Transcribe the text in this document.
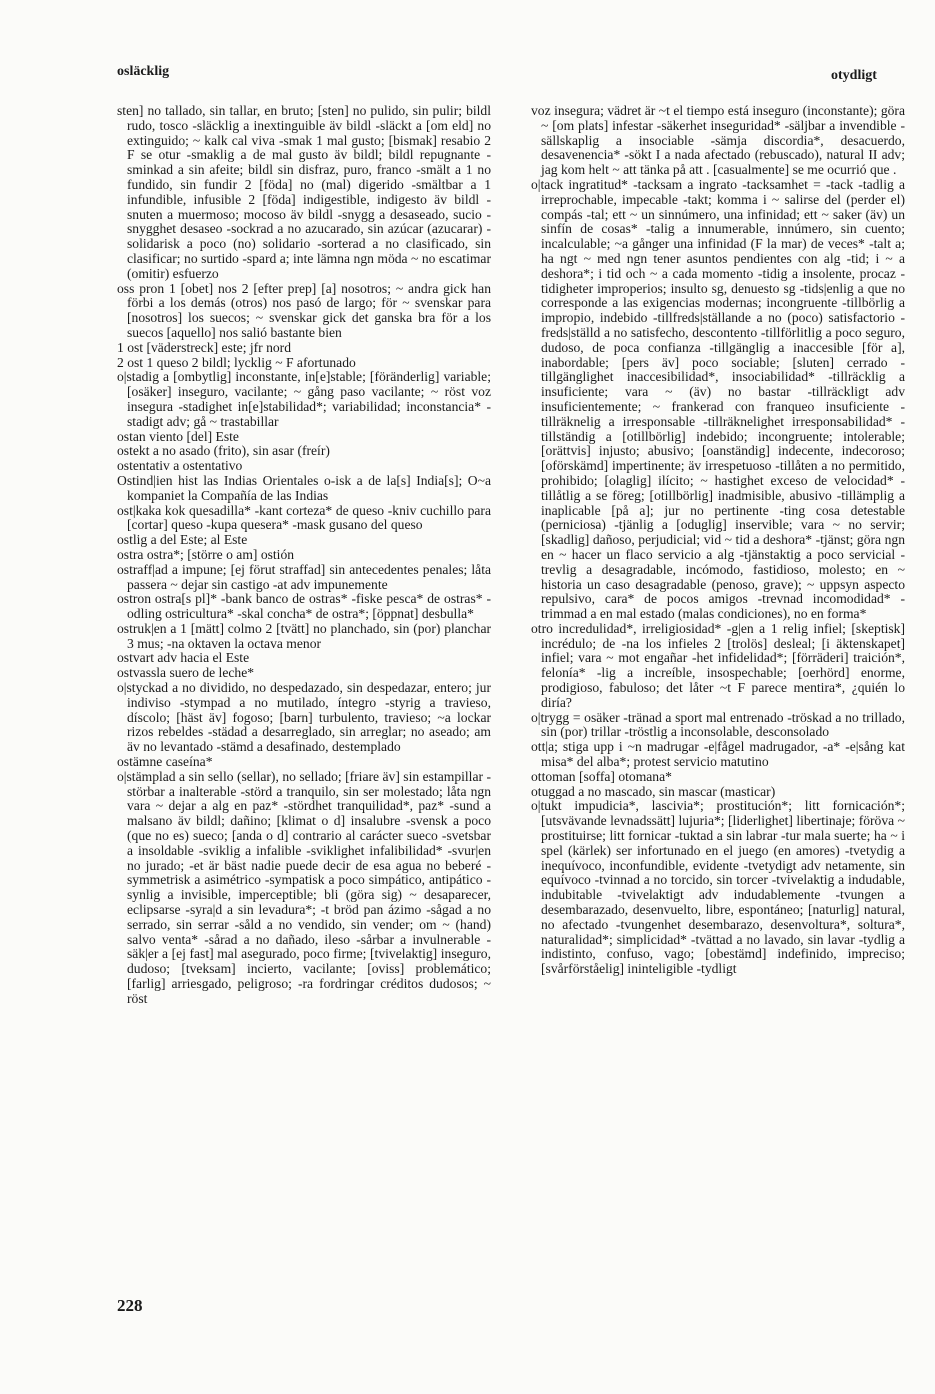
osläcklig	otydligt

sten] no tallado, sin tallar, en bruto; [sten] no pulido, sin pulir; bildl rudo, tosco -släcklig a inextinguible äv bildl -släckt a [om eld] no extinguido; ~ kalk cal viva -smak 1 mal gusto; [bismak] resabio 2 F se otur -smaklig a de mal gusto äv bildl; bildl repugnante -sminkad a sin afeite; bildl sin disfraz, puro, franco -smält a 1 no fundido, sin fundir 2 [föda] no (mal) digerido -smältbar a 1 infundible, infusible 2 [föda] indigestible, indigesto äv bildl -snuten a muermoso; mocoso äv bildl -snygg a desaseado, sucio -snygghet desaseo -sockrad a no azucarado, sin azúcar (azucarar) -solidarisk a poco (no) solidario -sorterad a no clasificado, sin clasificar; no surtido -spard a; inte lämna ngn möda ~ no escatimar (omitir) esfuerzo

oss pron 1 [obet] nos 2 [efter prep] [a] nosotros; ~ andra gick han förbi a los demás (otros) nos pasó de largo; för ~ svenskar para [nosotros] los suecos; ~ svenskar gick det ganska bra för a los suecos [aquello] nos salió bastante bien

1 ost [väderstreck] este; jfr nord

2 ost 1 queso 2 bildl; lycklig ~ F afortunado

o|stadig a [ombytlig] inconstante, in[e]stable; [föränderlig] variable; [osäker] inseguro, vacilante; ~ gång paso vacilante; ~ röst voz insegura -stadighet in[e]stabilidad*; variabilidad; inconstancia* -stadigt adv; gå ~ trastabillar

ostan viento [del] Este

ostekt a no asado (frito), sin asar (freír)

ostentativ a ostentativo

Ostind|ien hist las Indias Orientales o-isk a de la[s] India[s]; O~a kompaniet la Compañía de las Indias

ost|kaka kok quesadilla* -kant corteza* de queso -kniv cuchillo para [cortar] queso -kupa quesera* -mask gusano del queso

ostlig a del Este; al Este

ostra ostra*; [större o am] ostión

ostraff|ad a impune; [ej förut straffad] sin antecedentes penales; låta passera ~ dejar sin castigo -at adv impunemente

ostron ostra[s pl]* -bank banco de ostras* -fiske pesca* de ostras* -odling ostricultura* -skal concha* de ostra*; [öppnat] desbulla*

ostruk|en a 1 [mätt] colmo 2 [tvätt] no planchado, sin (por) planchar 3 mus; -na oktaven la octava menor

ostvart adv hacia el Este

ostvassla suero de leche*

o|styckad a no dividido, no despedazado, sin despedazar, entero; jur indiviso -stympad a no mutilado, íntegro -styrig a travieso, díscolo; [häst äv] fogoso; [barn] turbulento, travieso; ~a lockar rizos rebeldes -städad a desarreglado, sin arreglar; no aseado; am äv no levantado -stämd a desafinado, destemplado

ostämne caseína*

o|stämplad a sin sello (sellar), no sellado; [friare äv] sin estampillar -störbar a inalterable -störd a tranquilo, sin ser molestado; låta ngn vara ~ dejar a alg en paz* -stördhet tranquilidad*, paz* -sund a malsano äv bildl; dañino; [klimat o d] insalubre -svensk a poco (que no es) sueco; [anda o d] contrario al carácter sueco -svetsbar a insoldable -sviklig a infalible -sviklighet infalibilidad* -svur|en no jurado; -et är bäst nadie puede decir de esa agua no beberé -symmetrisk a asimétrico -sympatisk a poco simpático, antipático -synlig a invisible, imperceptible; bli (göra sig) ~ desaparecer, eclipsarse -syra|d a sin levadura*; -t bröd pan ázimo -sågad a no serrado, sin serrar -såld a no vendido, sin vender; om ~ (hand) salvo venta* -sårad a no dañado, ileso -sårbar a invulnerable -säk|er a [ej fast] mal asegurado, poco firme; [tvivelaktig] inseguro, dudoso; [tveksam] incierto, vacilante; [oviss] problemático; [farlig] arriesgado, peligroso; -ra fordringar créditos dudosos; ~ röst

voz insegura; vädret är ~t el tiempo está inseguro (inconstante); göra ~ [om plats] infestar -säkerhet inseguridad* -säljbar a invendible -sällskaplig a insociable -sämja discordia*, desacuerdo, desavenencia* -sökt I a nada afectado (rebuscado), natural II adv; jag kom helt ~ att tänka på att . [casualmente] se me ocurrió que .

o|tack ingratitud* -tacksam a ingrato -tacksamhet = -tack -tadlig a irreprochable, impecable -takt; komma i ~ salirse del (perder el) compás -tal; ett ~ un sinnúmero, una infinidad; ett ~ saker (äv) un sinfín de cosas* -talig a innumerable, innúmero, sin cuento; incalculable; ~a gånger una infinidad (F la mar) de veces* -talt a; ha ngt ~ med ngn tener asuntos pendientes con alg -tid; i ~ a deshora*; i tid och ~ a cada momento -tidig a insolente, procaz -tidigheter improperios; insulto sg, denuesto sg -tids|enlig a que no corresponde a las exigencias modernas; incongruente -tillbörlig a impropio, indebido -tillfreds|ställande a no (poco) satisfactorio -freds|ställd a no satisfecho, descontento -tillförlitlig a poco seguro, dudoso, de poca confianza -tillgänglig a inaccesible [för a], inabordable; [pers äv] poco sociable; [sluten] cerrado -tillgänglighet inaccesibilidad*, insociabilidad* -tillräcklig a insuficiente; vara ~ (äv) no bastar -tillräckligt adv insuficientemente; ~ frankerad con franqueo insuficiente -tillräknelig a irresponsable -tillräknelighet irresponsabilidad* -tillständig a [otillbörlig] indebido; incongruente; intolerable; [orättvis] injusto; abusivo; [oanständig] indecente, indecoroso; [oförskämd] impertinente; äv irrespetuoso -tillåten a no permitido, prohibido; [olaglig] ilícito; ~ hastighet exceso de velocidad* -tillåtlig a se föreg; [otillbörlig] inadmisible, abusivo -tillämplig a inaplicable [på a]; jur no pertinente -ting cosa detestable (perniciosa) -tjänlig a [oduglig] inservible; vara ~ no servir; [skadlig] dañoso, perjudicial; vid ~ tid a deshora* -tjänst; göra ngn en ~ hacer un flaco servicio a alg -tjänstaktig a poco servicial -trevlig a desagradable, incómodo, fastidioso, molesto; en ~ historia un caso desagradable (penoso, grave); ~ uppsyn aspecto repulsivo, cara* de pocos amigos -trevnad incomodidad* -trimmad a en mal estado (malas condiciones), no en forma*

otro incredulidad*, irreligiosidad* -g|en a 1 relig infiel; [skeptisk] incrédulo; de -na los infieles 2 [trolös] desleal; [i äktenskapet] infiel; vara ~ mot engañar -het infidelidad*; [förräderi] traición*, felonía* -lig a increíble, insospechable; [oerhörd] enorme, prodigioso, fabuloso; det låter ~t F parece mentira*, ¿quién lo diría?

o|trygg = osäker -tränad a sport mal entrenado -tröskad a no trillado, sin (por) trillar -tröstlig a inconsolable, desconsolado

ott|a; stiga upp i ~n madrugar -e|fågel madrugador, -a* -e|sång kat misa* del alba*; protest servicio matutino

ottoman [soffa] otomana*

otuggad a no mascado, sin mascar (masticar)

o|tukt impudicia*, lascivia*; prostitución*; litt fornicación*; [utsvävande levnadssätt] lujuria*; [liderlighet] libertinaje; föröva ~ prostituirse; litt fornicar -tuktad a sin labrar -tur mala suerte; ha ~ i spel (kärlek) ser infortunado en el juego (en amores) -tvetydig a inequívoco, inconfundible, evidente -tvetydigt adv netamente, sin equívoco -tvinnad a no torcido, sin torcer -tvivelaktig a indudable, indubitable -tvivelaktigt adv indudablemente -tvungen a desembarazado, desenvuelto, libre, espontáneo; [naturlig] natural, no afectado -tvungenhet desembarazo, desenvoltura*, soltura*, naturalidad*; simplicidad* -tvättad a no lavado, sin lavar -tydlig a indistinto, confuso, vago; [obestämd] indefinido, impreciso; [svårförståelig] ininteligible -tydligt

228
